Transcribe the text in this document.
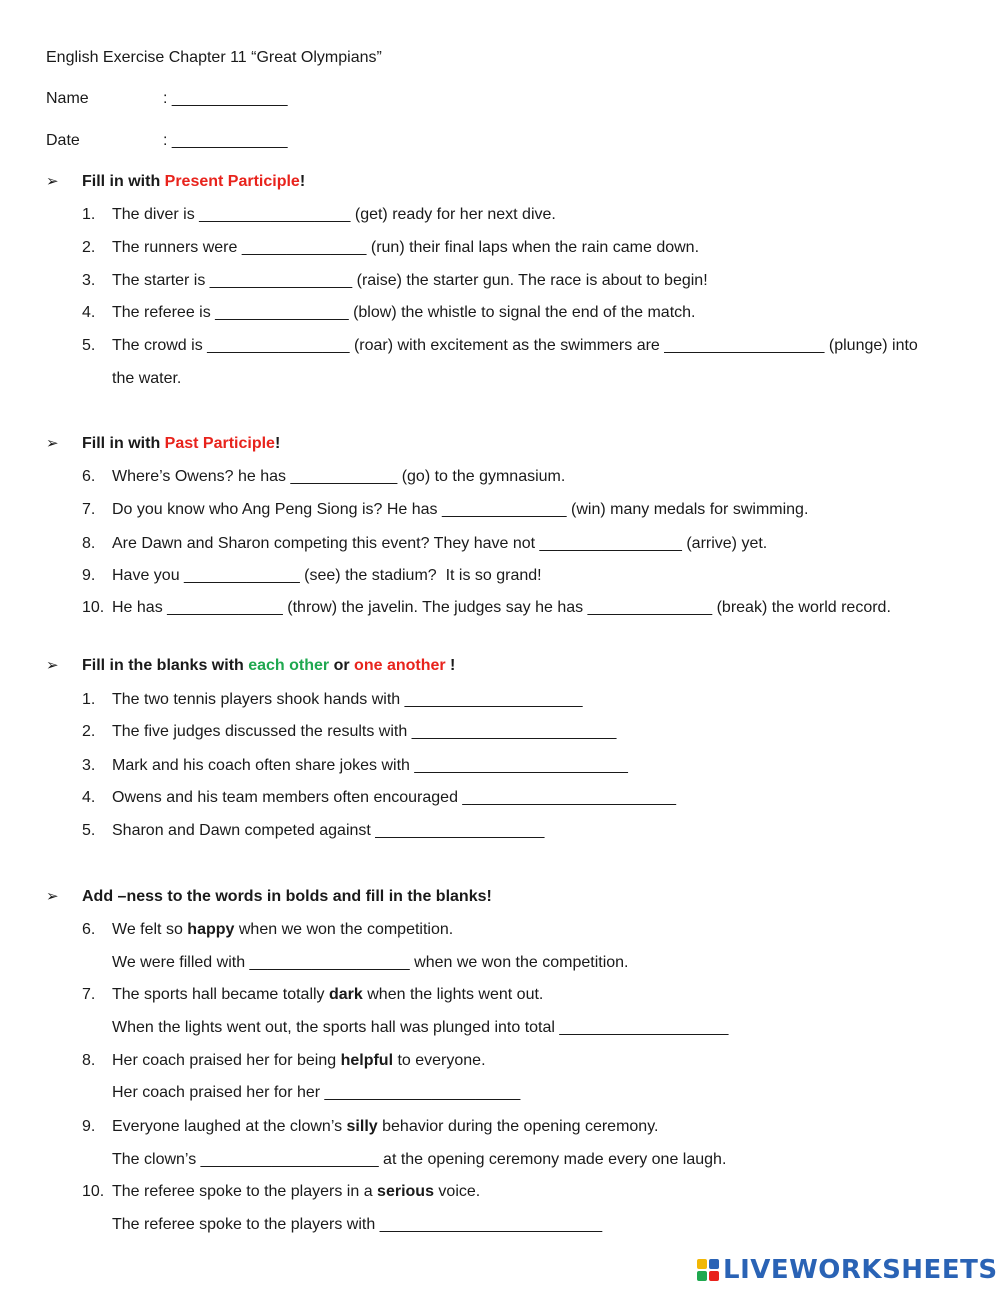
English Exercise Chapter 11 “Great Olympians”
Name	: _____________
Date	: _____________
➢ Fill in with Present Participle!
1.	The diver is _________________ (get) ready for her next dive.
2.	The runners were ______________ (run) their final laps when the rain came down.
3.	The starter is ________________ (raise) the starter gun. The race is about to begin!
4.	The referee is _______________ (blow) the whistle to signal the end of the match.
5.	The crowd is ________________ (roar) with excitement as the swimmers are __________________ (plunge) into
the water.
➢ Fill in with Past Participle!
6.	Where’s Owens? he has ____________ (go) to the gymnasium.
7.	Do you know who Ang Peng Siong is? He has ______________ (win) many medals for swimming.
8.	Are Dawn and Sharon competing this event? They have not ________________ (arrive) yet.
9.	Have you _____________ (see) the stadium?  It is so grand!
10. He has _____________ (throw) the javelin. The judges say he has ______________ (break) the world record.
➢ Fill in the blanks with each other or one another !
1.	The two tennis players shook hands with ____________________
2.	The five judges discussed the results with _______________________
3.	Mark and his coach often share jokes with ________________________
4.	Owens and his team members often encouraged ________________________
5.	Sharon and Dawn competed against ___________________
➢ Add –ness to the words in bolds and fill in the blanks!
6.	We felt so happy when we won the competition.
We were filled with __________________ when we won the competition.
7.	The sports hall became totally dark when the lights went out.
When the lights went out, the sports hall was plunged into total ___________________
8.	Her coach praised her for being helpful to everyone.
Her coach praised her for her ______________________
9.	Everyone laughed at the clown’s silly behavior during the opening ceremony.
The clown’s ____________________ at the opening ceremony made every one laugh.
10. The referee spoke to the players in a serious voice.
The referee spoke to the players with _________________________
LIVEWORKSHEETS
